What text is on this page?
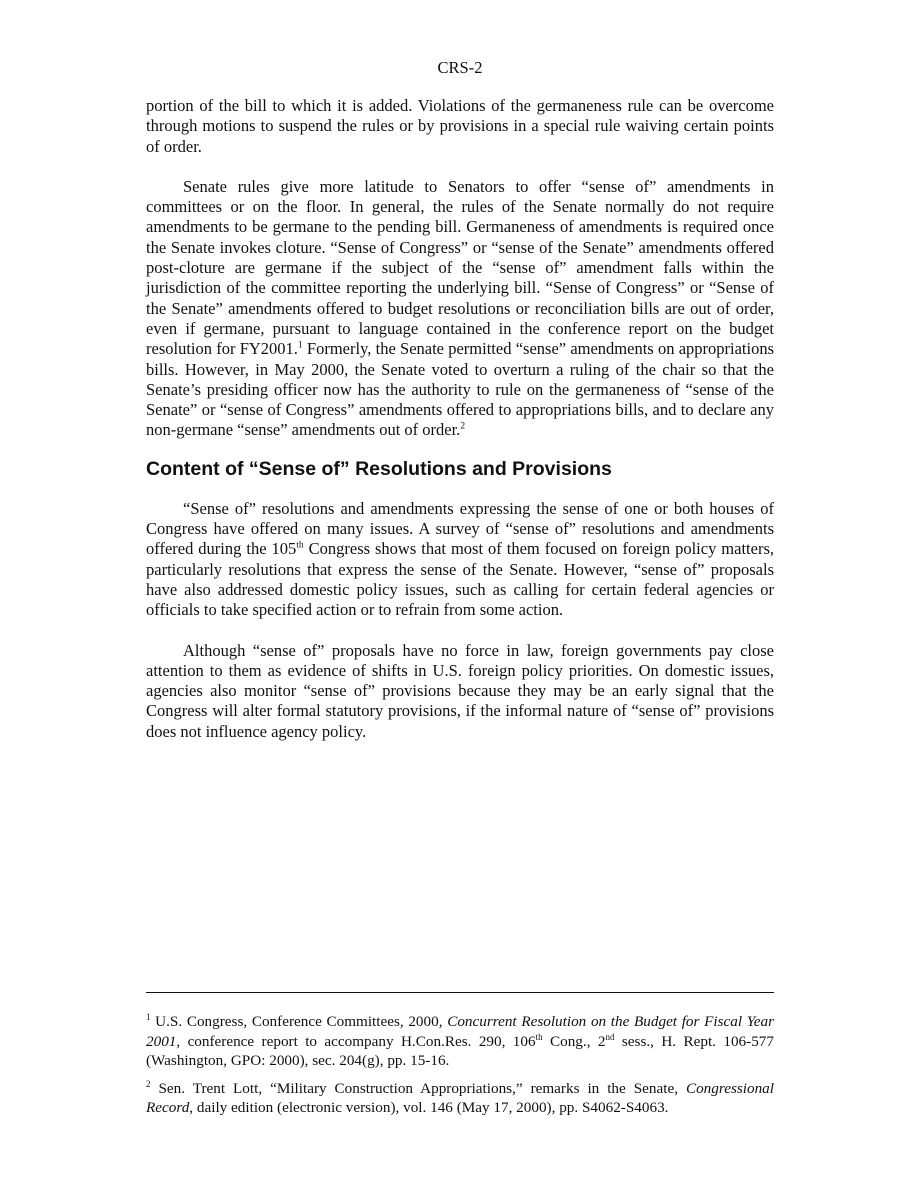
CRS-2

portion of the bill to which it is added. Violations of the germaneness rule can be overcome through motions to suspend the rules or by provisions in a special rule waiving certain points of order.

Senate rules give more latitude to Senators to offer “sense of” amendments in committees or on the floor. In general, the rules of the Senate normally do not require amendments to be germane to the pending bill. Germaneness of amendments is required once the Senate invokes cloture. “Sense of Congress” or “sense of the Senate” amendments offered post-cloture are germane if the subject of the “sense of” amendment falls within the jurisdiction of the committee reporting the underlying bill. “Sense of Congress” or “Sense of the Senate” amendments offered to budget resolutions or reconciliation bills are out of order, even if germane, pursuant to language contained in the conference report on the budget resolution for FY2001.$^1$ Formerly, the Senate permitted “sense” amendments on appropriations bills. However, in May 2000, the Senate voted to overturn a ruling of the chair so that the Senate’s presiding officer now has the authority to rule on the germaneness of “sense of the Senate” or “sense of Congress” amendments offered to appropriations bills, and to declare any non-germane “sense” amendments out of order.$^2$

Content of “Sense of” Resolutions and Provisions

“Sense of” resolutions and amendments expressing the sense of one or both houses of Congress have offered on many issues. A survey of “sense of” resolutions and amendments offered during the 105th Congress shows that most of them focused on foreign policy matters, particularly resolutions that express the sense of the Senate. However, “sense of” proposals have also addressed domestic policy issues, such as calling for certain federal agencies or officials to take specified action or to refrain from some action.

Although “sense of” proposals have no force in law, foreign governments pay close attention to them as evidence of shifts in U.S. foreign policy priorities. On domestic issues, agencies also monitor “sense of” provisions because they may be an early signal that the Congress will alter formal statutory provisions, if the informal nature of “sense of” provisions does not influence agency policy.

$^1$ U.S. Congress, Conference Committees, 2000, Concurrent Resolution on the Budget for Fiscal Year 2001, conference report to accompany H.Con.Res. 290, 106th Cong., 2nd sess., H. Rept. 106-577 (Washington, GPO: 2000), sec. 204(g), pp. 15-16.

$^2$ Sen. Trent Lott, “Military Construction Appropriations,” remarks in the Senate, Congressional Record, daily edition (electronic version), vol. 146 (May 17, 2000), pp. S4062-S4063.
